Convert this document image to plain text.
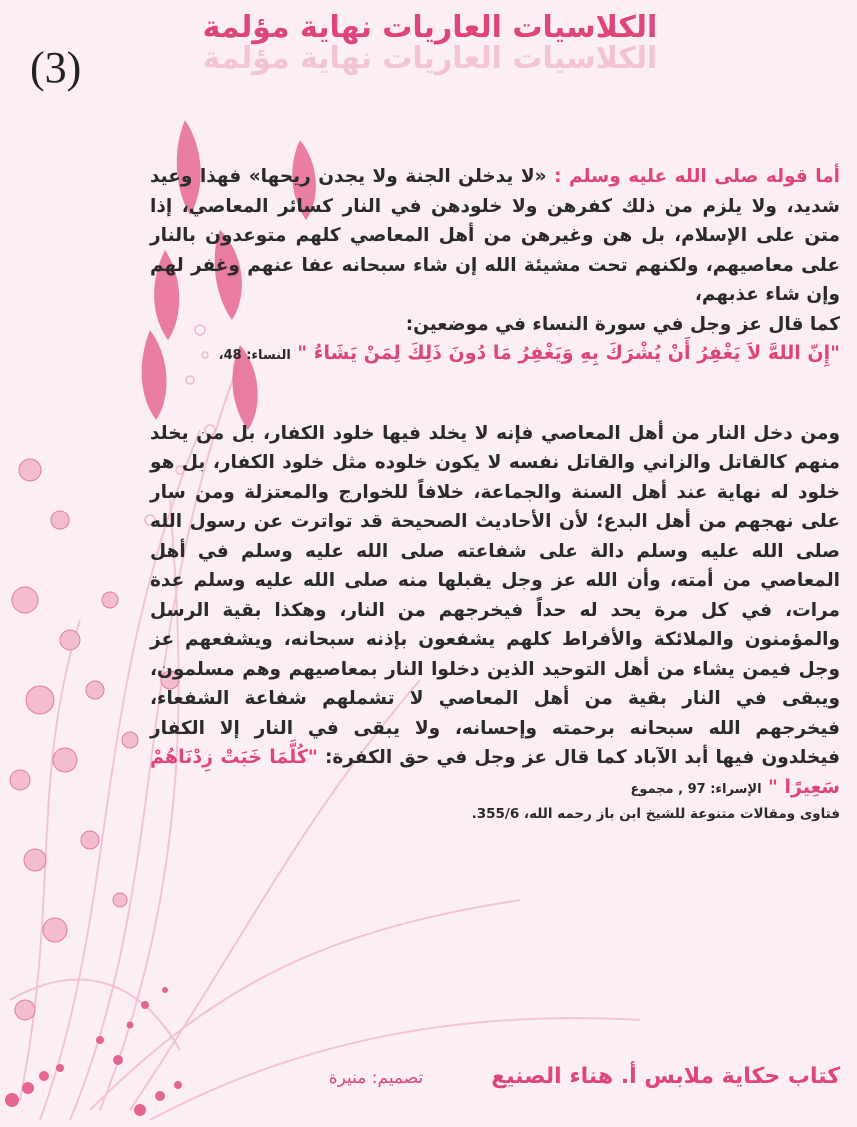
(3)
الكلاسيات العاريات نهاية مؤلمة
الكلاسيات العاريات نهاية مؤلمة

أما قوله صلى الله عليه وسلم : «لا يدخلن الجنة ولا يجدن ريحها» فهذا وعيد شديد، ولا يلزم من ذلك كفرهن ولا خلودهن في النار كسائر المعاصي، إذا متن على الإسلام، بل هن وغيرهن من أهل المعاصي كلهم متوعدون بالنار على معاصيهم، ولكنهم تحت مشيئة الله إن شاء سبحانه عفا عنهم وغفر لهم وإن شاء عذبهم،

كما قال عز وجل في سورة النساء في موضعين:

"إِنّ اللهَّ لاَ يَغْفِرُ أَنْ يُشْرَكَ بِهِ وَيَغْفِرُ مَا دُونَ ذَلِكَ لِمَنْ يَشَاءُ " النساء: 48،

ومن دخل النار من أهل المعاصي فإنه لا يخلد فيها خلود الكفار، بل من يخلد منهم كالقاتل والزاني والقاتل نفسه لا يكون خلوده مثل خلود الكفار، بل هو خلود له نهاية عند أهل السنة والجماعة، خلافاً للخوارج والمعتزلة ومن سار على نهجهم من أهل البدع؛ لأن الأحاديث الصحيحة قد تواترت عن رسول الله صلى الله عليه وسلم دالة على شفاعته صلى الله عليه وسلم في أهل المعاصي من أمته، وأن الله عز وجل يقبلها منه صلى الله عليه وسلم عدة مرات، في كل مرة يحد له حداً فيخرجهم من النار، وهكذا بقية الرسل والمؤمنون والملائكة والأفراط كلهم يشفعون بإذنه سبحانه، ويشفعهم عز وجل فيمن يشاء من أهل التوحيد الذين دخلوا النار بمعاصيهم وهم مسلمون، ويبقى في النار بقية من أهل المعاصي لا تشملهم شفاعة الشفعاء، فيخرجهم الله سبحانه برحمته وإحسانه، ولا يبقى في النار إلا الكفار فيخلدون فيها أبد الآباد كما قال عز وجل في حق الكفرة: "كُلَّمَا خَبَتْ زِدْنَاهُمْ سَعِيرًا " الإسراء: 97 , مجموع

فتاوى ومقالات متنوعة للشيخ ابن باز رحمه الله، 355/6.

كتاب حكاية ملابس أ. هناء الصنيع
تصميم: منيرة
